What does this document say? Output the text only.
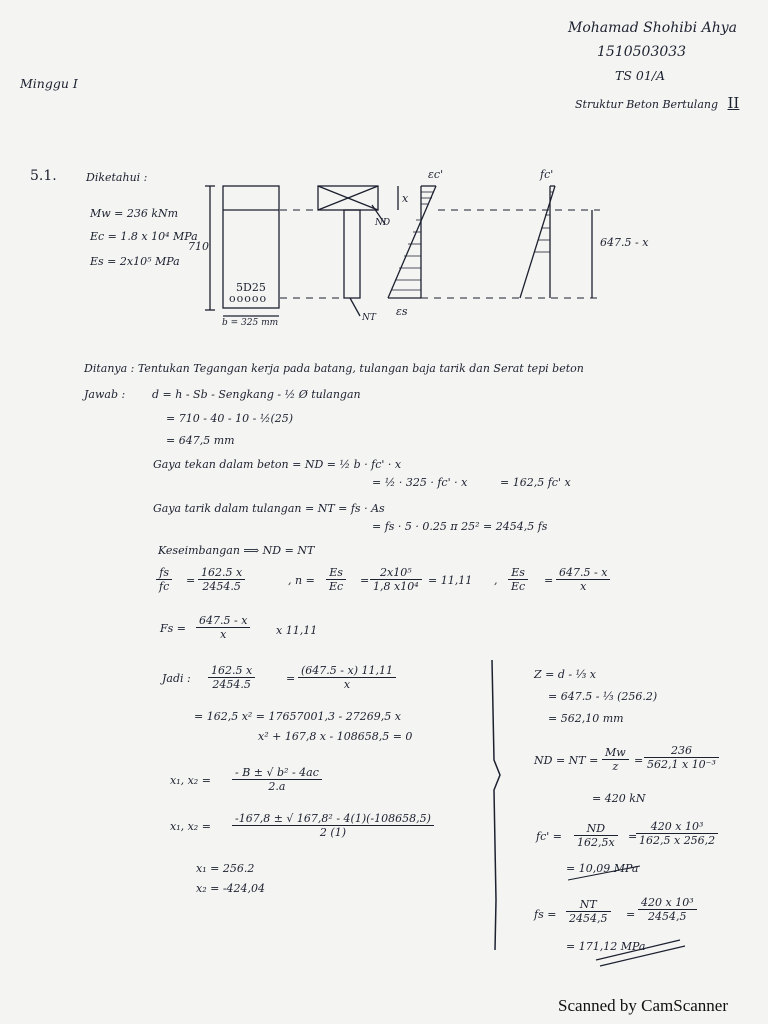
Mohamad Shohibi Ahya
1510503033
TS 01/A
Struktur Beton Bertulang II
Minggu I
5.1.	Diketahui :
Mw = 236 kNm
Ec = 1.8 x 10⁴ MPa
Es = 2x10⁵ MPa
710
5D25
ooooo
b = 325 mm
x
ND
NT
εc'
εs
fc'
647.5 - x
Ditanya : Tentukan Tegangan kerja pada batang, tulangan baja tarik dan Serat tepi beton
Jawab : d = h - Sb - Sengkang - ½ Ø tulangan
= 710 - 40 - 10 - ½(25)
= 647,5 mm
Gaya tekan dalam beton = ND = ½ b · fc' · x
= ½ · 325 · fc' · x	= 162,5 fc' x
Gaya tarik dalam tulangan = NT = fs · As
= fs · 5 · 0.25 π 25² = 2454,5 fs
Keseimbangan ⟹ ND = NT
$\frac{fs}{fc} = \frac{162.5 x}{2454.5}$	, $n = \frac{Es}{Ec} = \frac{\text{2x10⁵}}{\text{1,8 x10⁴}} = 11,11$ , $\frac{Es}{Ec} = \frac{647.5 - x}{x}$
$Fs = \frac{647.5 - x}{x}$ x 11,11
Jadi : $\frac{162.5 x}{2454.5}$	= $\frac{(647.5 - x) 11,11}{x}$
= 162,5 x² = 17657001,3 - 27269,5 x
x² + 167,8 x - 108658,5 = 0
x₁, $x_2 = \frac{\text{- B ± √ b² - 4ac}}{2.a}$
x₁, $x_2 = \frac{\text{-167,8 ± √ 167,8² - 4(1)(-108658,5)}}{2 (1)}$
x₁ = 256.2
x₂ = -424,04
Z = d - ⅓ x
= 647.5 - ⅓ (256.2)
= 562,10 mm
ND = NT = $\frac{Mw}{z} = \frac{236}{\text{562,1 x 10⁻³}}$
= 420 kN
$fc' = \frac{ND}{162,5x}$ =
$\frac{\text{420 x 10³}}{162,5 x 256,2}$
= 10,09 MPa
fs = $\frac{NT}{2454,5} = \frac{\text{420 x 10³}}{2454,5}$
= 171,12 MPa
Scanned by CamScanner
